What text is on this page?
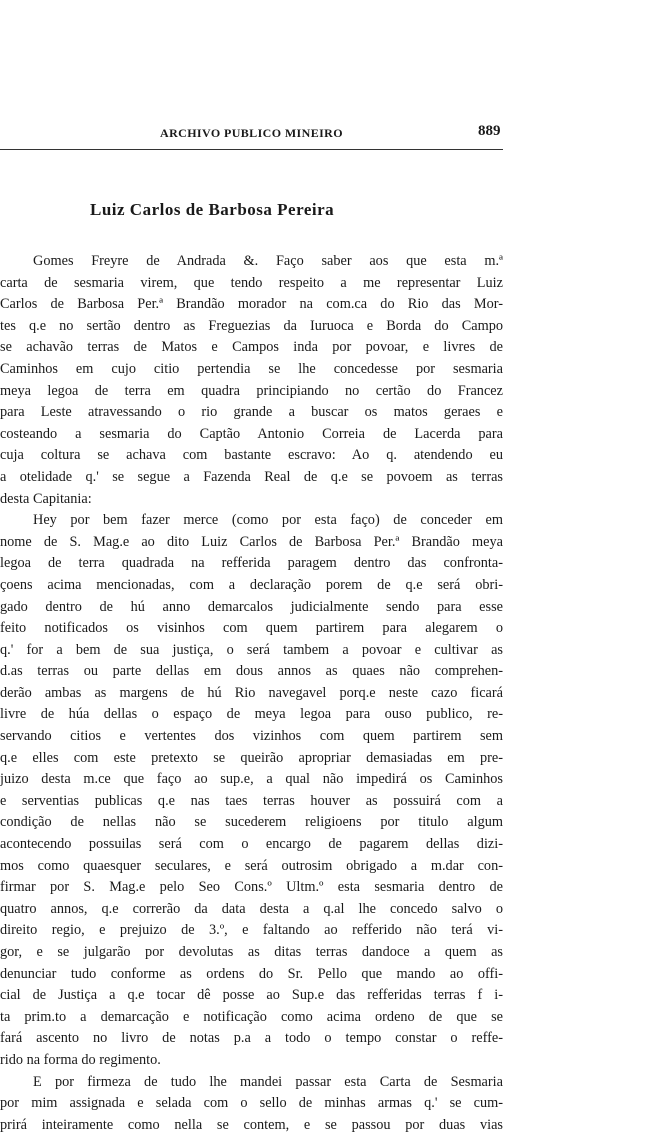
ARCHIVO PUBLICO MINEIRO	889
Luiz Carlos de Barbosa Pereira
Gomes Freyre de Andrada &. Faço saber aos que esta m.ª
carta de sesmaria virem, que tendo respeito a me representar Luiz
Carlos de Barbosa Per.ª Brandão morador na com.ca do Rio das Mor-
tes q.e no sertão dentro as Freguezias da Iuruoca e Borda do Campo
se achavão terras de Matos e Campos inda por povoar, e livres de
Caminhos em cujo citio pertendia se lhe concedesse por sesmaria
meya legoa de terra em quadra principiando no certão do Francez
para Leste atravessando o rio grande a buscar os matos geraes e
costeando a sesmaria do Captão Antonio Correia de Lacerda para
cuja coltura se achava com bastante escravo: Ao q. atendendo eu
a otelidade q.' se segue a Fazenda Real de q.e se povoem as terras
desta Capitania:
Hey por bem fazer merce (como por esta faço) de conceder em
nome de S. Mag.e ao dito Luiz Carlos de Barbosa Per.ª Brandão meya
legoa de terra quadrada na refferida paragem dentro das confronta-
çoens acima mencionadas, com a declaração porem de q.e será obri-
gado dentro de hú anno demarcalos judicialmente sendo para esse
feito notificados os visinhos com quem partirem para alegarem o
q.' for a bem de sua justiça, o será tambem a povoar e cultivar as
d.as terras ou parte dellas em dous annos as quaes não comprehen-
derão ambas as margens de hú Rio navegavel porq.e neste cazo ficará
livre de húa dellas o espaço de meya legoa para ouso publico, re-
servando citios e vertentes dos vizinhos com quem partirem sem
q.e elles com este pretexto se queirão apropriar demasiadas em pre-
juizo desta m.ce que faço ao sup.e, a qual não impedirá os Caminhos
e serventias publicas q.e nas taes terras houver as possuirá com a
condição de nellas não se sucederem religioens por titulo algum
acontecendo possuilas será com o encargo de pagarem dellas dizi-
mos como quaesquer seculares, e será outrosim obrigado a m.dar con-
firmar por S. Mag.e pelo Seo Cons.º Ultm.º esta sesmaria dentro de
quatro annos, q.e correrão da data desta a q.al lhe concedo salvo o
direito regio, e prejuizo de 3.º, e faltando ao refferido não terá vi-
gor, e se julgarão por devolutas as ditas terras dandoce a quem as
denunciar tudo conforme as ordens do Sr. Pello que mando ao offi-
cial de Justiça a q.e tocar dê posse ao Sup.e das refferidas terras f i-
ta prim.to a demarcação e notificação como acima ordeno de que se
fará ascento no livro de notas p.a a todo o tempo constar o reffe-
rido na forma do regimento.
E por firmeza de tudo lhe mandei passar esta Carta de Sesmaria
por mim assignada e selada com o sello de minhas armas q.' se cum-
prirá inteiramente como nella se contem, e se passou por duas vias
